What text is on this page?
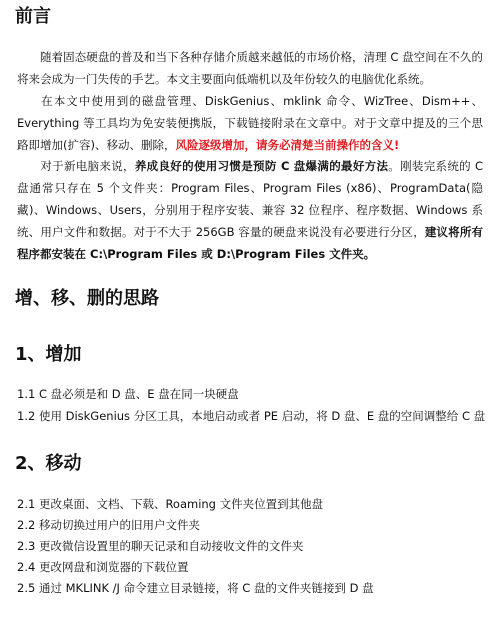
前言
随着固态硬盘的普及和当下各种存储介质越来越低的市场价格，清理 C 盘空间在不久的将来会成为一门失传的手艺。本文主要面向低端机以及年份较久的电脑优化系统。
在本文中使用到的磁盘管理、DiskGenius、mklink 命令、WizTree、Dism++、Everything 等工具均为免安装便携版，下载链接附录在文章中。对于文章中提及的三个思路即增加(扩容)、移动、删除，风险逐级增加，请务必清楚当前操作的含义!
对于新电脑来说，养成良好的使用习惯是预防 C 盘爆满的最好方法。刚装完系统的 C 盘通常只存在 5 个文件夹：Program Files、Program Files (x86)、ProgramData(隐藏)、Windows、Users，分别用于程序安装、兼容 32 位程序、程序数据、Windows 系统、用户文件和数据。对于不大于 256GB 容量的硬盘来说没有必要进行分区，建议将所有程序都安装在 C:\Program Files 或 D:\Program Files 文件夹。
增、移、删的思路
1、增加
1.1 C 盘必须是和 D 盘、E 盘在同一块硬盘
1.2 使用 DiskGenius 分区工具，本地启动或者 PE 启动，将 D 盘、E 盘的空间调整给 C 盘
2、移动
2.1 更改桌面、文档、下载、Roaming 文件夹位置到其他盘
2.2 移动切换过用户的旧用户文件夹
2.3 更改微信设置里的聊天记录和自动接收文件的文件夹
2.4 更改网盘和浏览器的下载位置
2.5 通过 MKLINK /J 命令建立目录链接，将 C 盘的文件夹链接到 D 盘
